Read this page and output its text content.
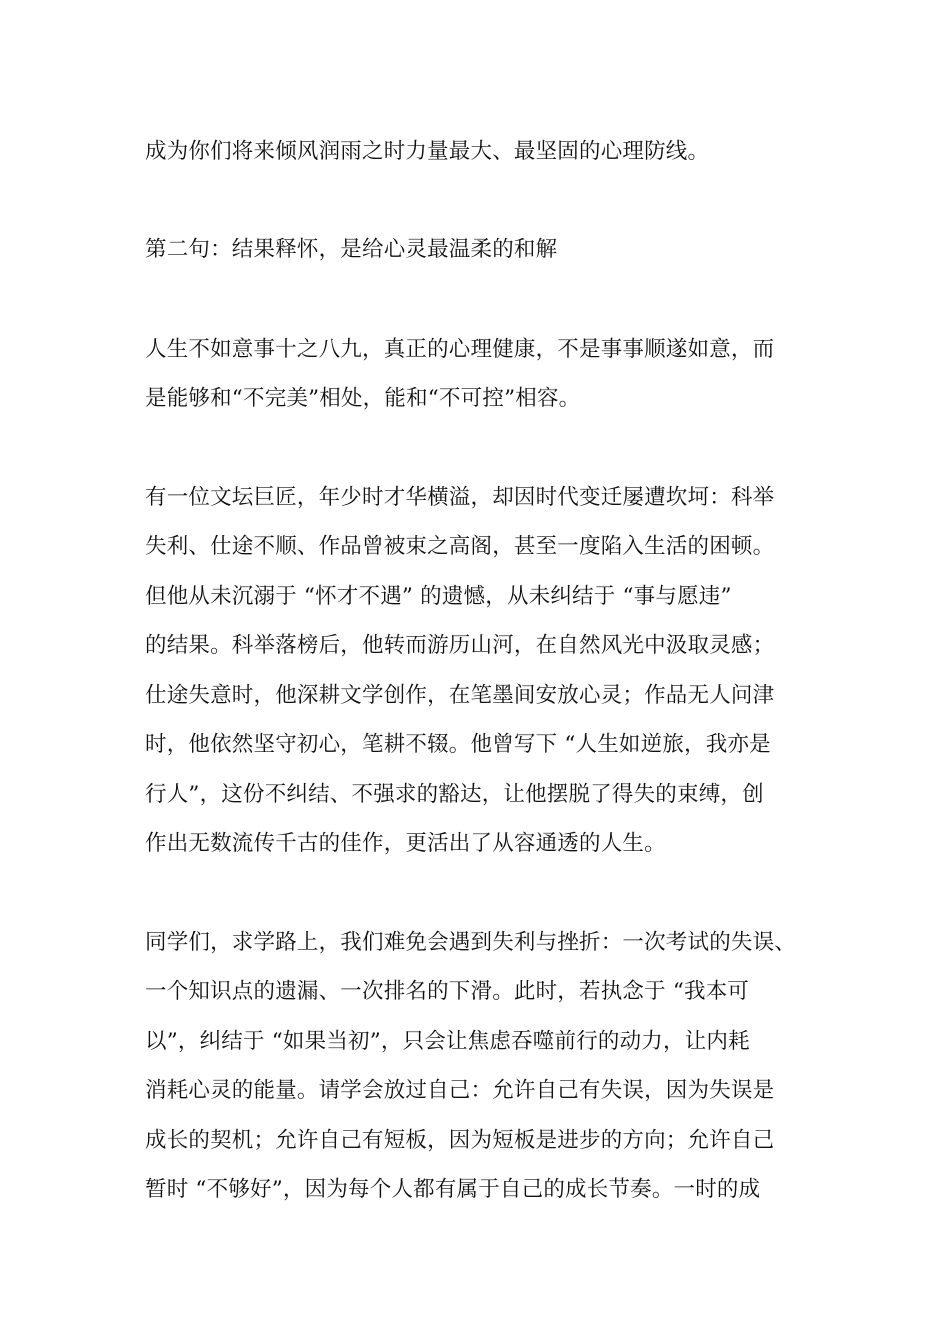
成为你们将来倾风润雨之时力量最大、最坚固的心理防线。

第二句：结果释怀，是给心灵最温柔的和解

人生不如意事十之八九，真正的心理健康，不是事事顺遂如意，而

是能够和“不完美”相处，能和“不可控”相容。

有一位文坛巨匠，年少时才华横溢，却因时代变迁屡遭坎坷：科举

失利、仕途不顺、作品曾被束之高阁，甚至一度陷入生活的困顿。

但他从未沉溺于 “怀才不遇” 的遗憾，从未纠结于 “事与愿违”

的结果。科举落榜后，他转而游历山河，在自然风光中汲取灵感；

仕途失意时，他深耕文学创作，在笔墨间安放心灵；作品无人问津

时，他依然坚守初心，笔耕不辍。他曾写下 “人生如逆旅，我亦是

行人”，这份不纠结、不强求的豁达，让他摆脱了得失的束缚，创

作出无数流传千古的佳作，更活出了从容通透的人生。

同学们，求学路上，我们难免会遇到失利与挫折：一次考试的失误、

一个知识点的遗漏、一次排名的下滑。此时，若执念于 “我本可

以”，纠结于 “如果当初”，只会让焦虑吞噬前行的动力，让内耗

消耗心灵的能量。请学会放过自己：允许自己有失误，因为失误是

成长的契机；允许自己有短板，因为短板是进步的方向；允许自己

暂时 “不够好”，因为每个人都有属于自己的成长节奏。一时的成
